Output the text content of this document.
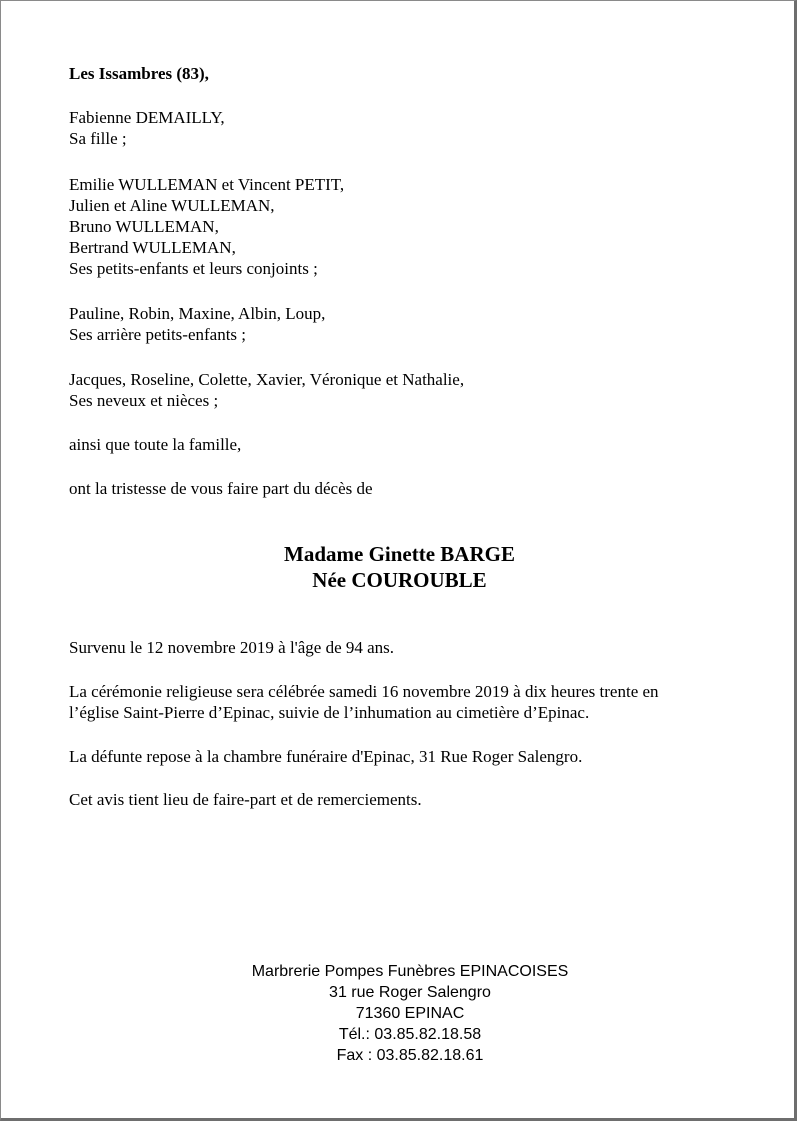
Les Issambres (83),
Fabienne DEMAILLY,
Sa fille ;
Emilie WULLEMAN et Vincent PETIT,
Julien et Aline WULLEMAN,
Bruno WULLEMAN,
Bertrand WULLEMAN,
Ses petits-enfants et leurs conjoints ;
Pauline, Robin, Maxine, Albin, Loup,
Ses arrière petits-enfants ;
Jacques, Roseline, Colette, Xavier, Véronique et Nathalie,
Ses neveux et nièces ;
ainsi que toute la famille,
ont la tristesse de vous faire part du décès de
Madame Ginette BARGE
Née COUROUBLE
Survenu le 12 novembre 2019 à l'âge de 94 ans.
La cérémonie religieuse sera célébrée samedi 16 novembre 2019 à dix heures trente en
l’église Saint-Pierre d’Epinac, suivie de l’inhumation au cimetière d’Epinac.
La défunte repose à la chambre funéraire d'Epinac, 31 Rue Roger Salengro.
Cet avis tient lieu de faire-part et de remerciements.
Marbrerie Pompes Funèbres EPINACOISES
31 rue Roger Salengro
71360 EPINAC
Tél.: 03.85.82.18.58
Fax : 03.85.82.18.61
